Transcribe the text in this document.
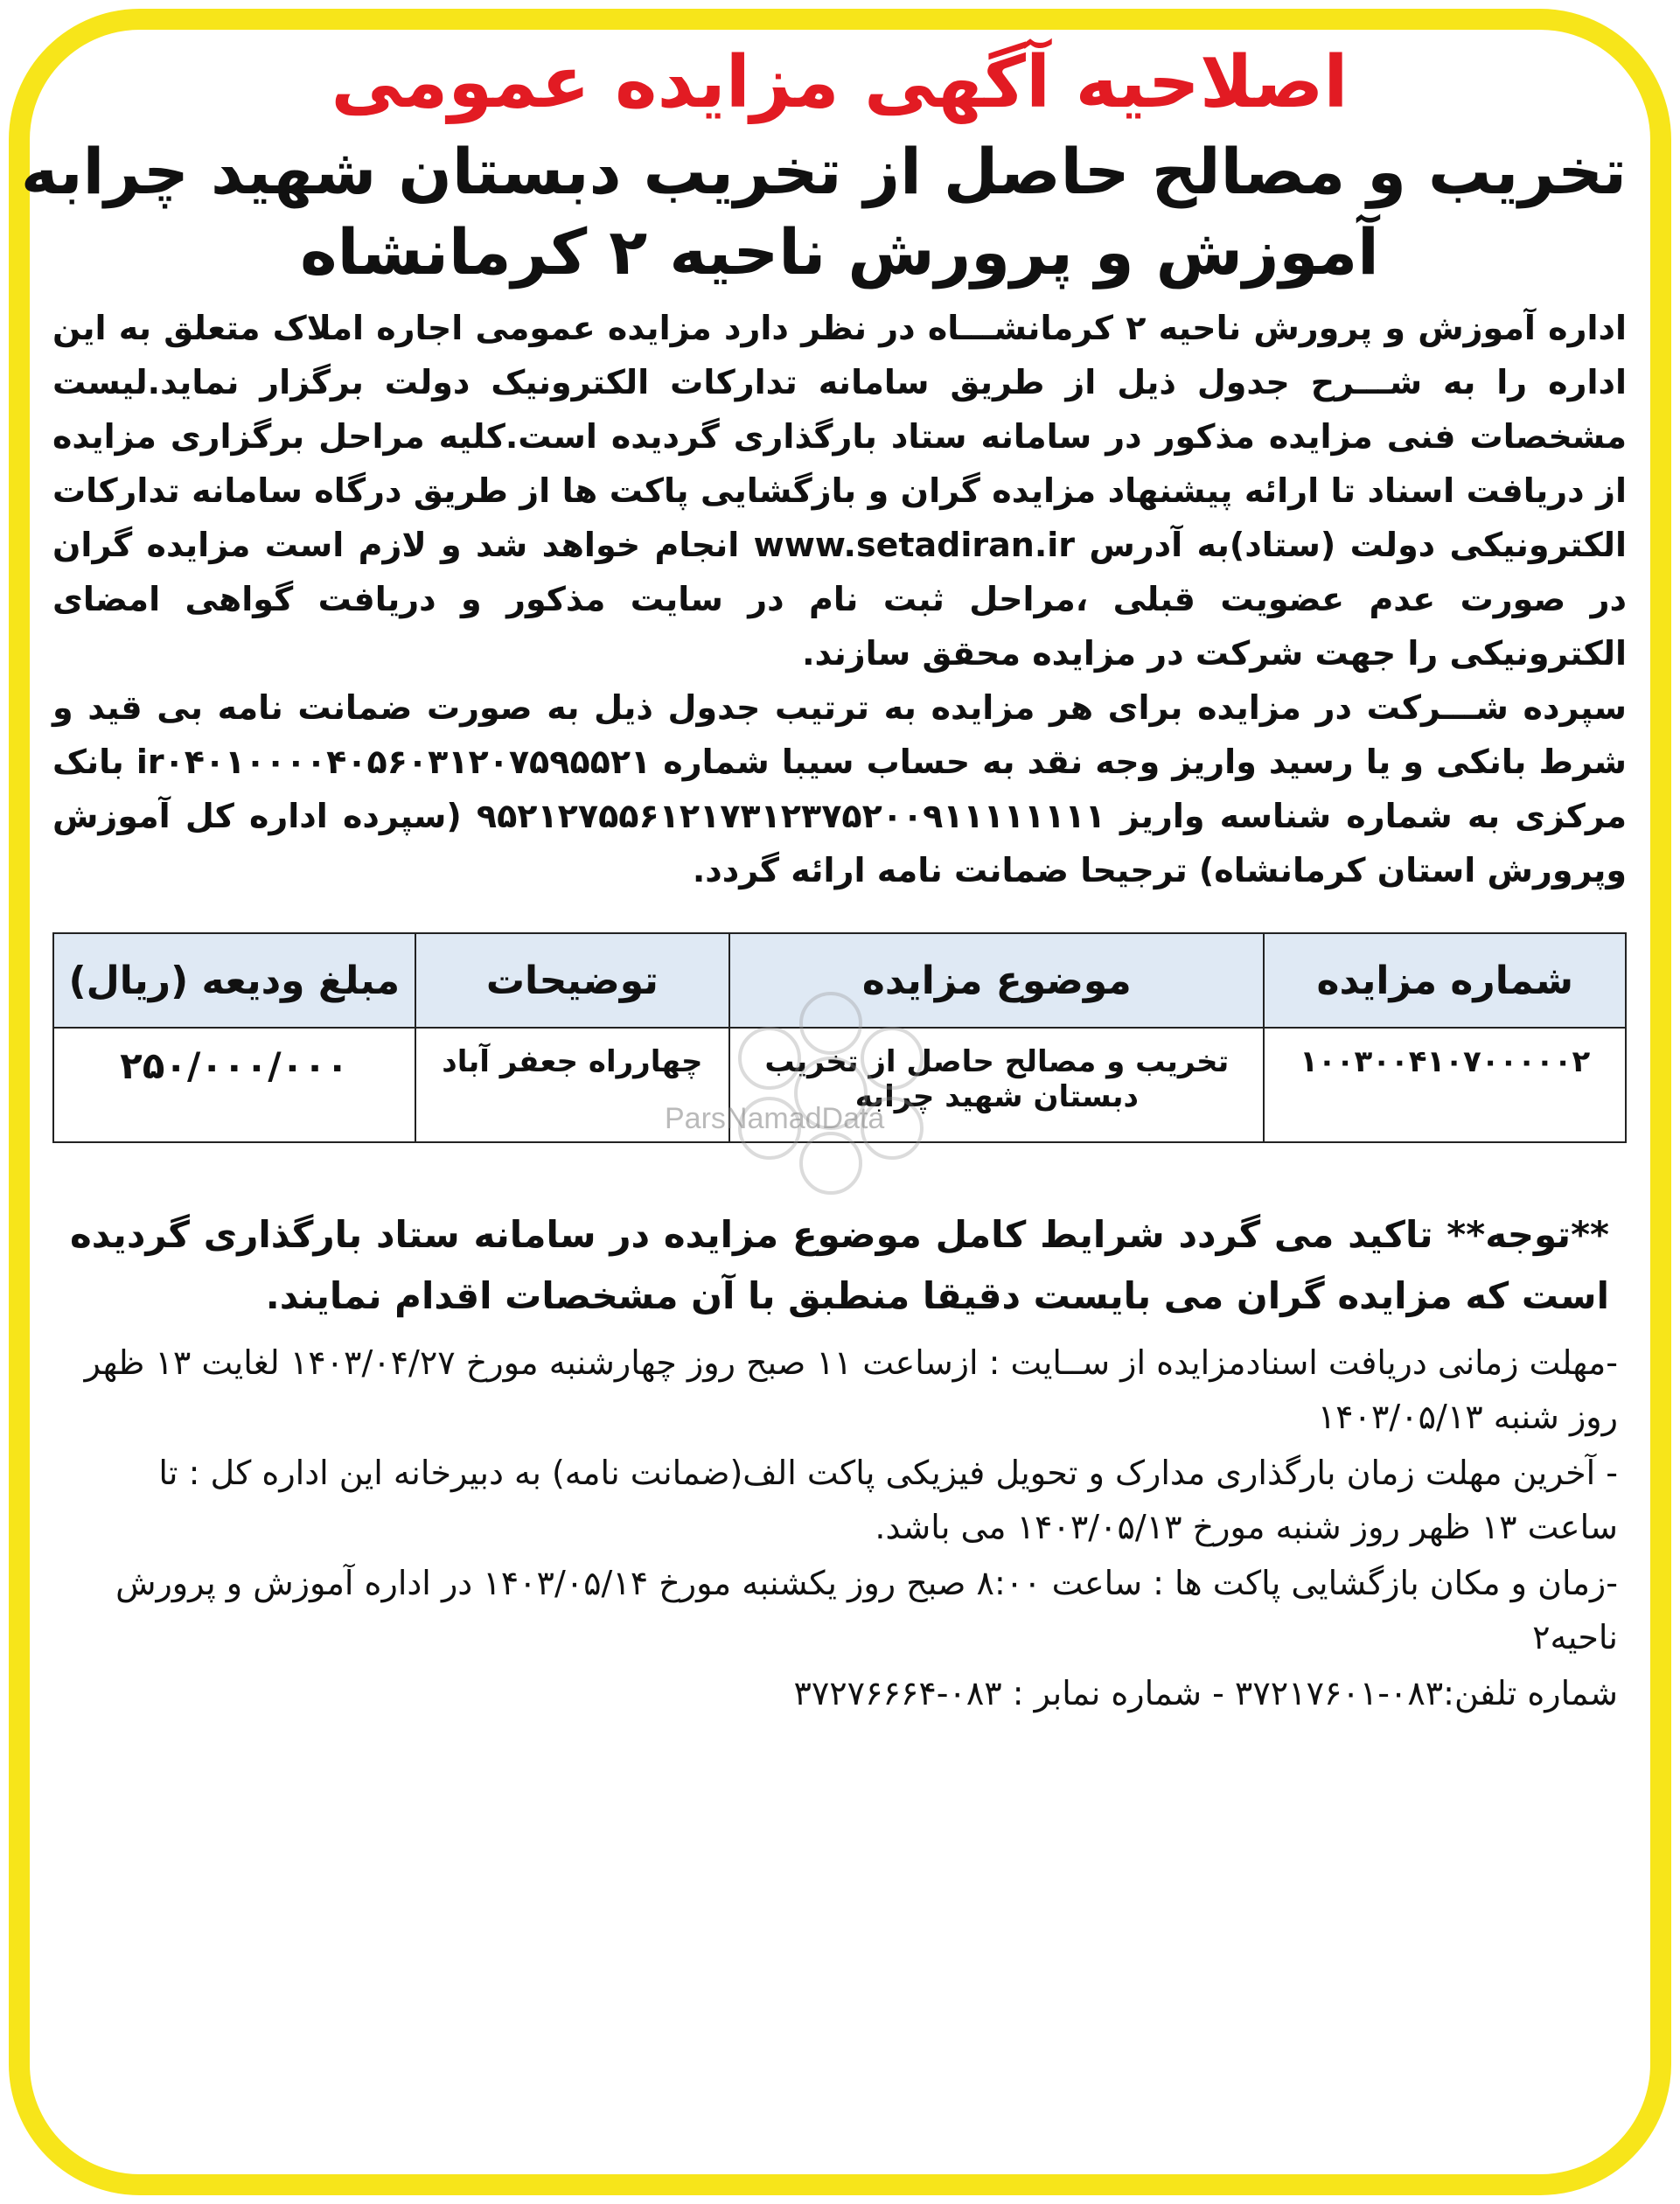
اصلاحیه آگهی مزایده عمومی
تخریب و مصالح حاصل از تخریب دبستان شهید چرابه
آموزش و پرورش ناحیه ۲ کرمانشاه

اداره آموزش و پرورش ناحیه ۲ کرمانشـــاه در نظر دارد مزایده عمومی اجاره املاک متعلق به این اداره را به شـــرح جدول ذیل از طریق سامانه تدارکات الکترونیک دولت برگزار نماید.لیست مشخصات فنی مزایده مذکور در سامانه ستاد بارگذاری گردیده است.کلیه مراحل برگزاری مزایده از دریافت اسناد تا ارائه پیشنهاد مزایده گران و بازگشایی پاکت ها از طریق درگاه سامانه تدارکات الکترونیکی دولت (ستاد)به آدرس www.setadiran.ir انجام خواهد شد و لازم است مزایده گران در صورت عدم عضویت قبلی ،مراحل ثبت نام در سایت مذکور و دریافت گواهی امضای الکترونیکی را جهت شرکت در مزایده محقق سازند.

سپرده شـــرکت در مزایده برای هر مزایده به ترتیب جدول ذیل به صورت ضمانت نامه بی قید و شرط بانکی و یا رسید واریز وجه نقد به حساب سیبا شماره ir۰۴۰۱۰۰۰۰۴۰۵۶۰۳۱۲۰۷۵۹۵۵۲۱ بانک مرکزی به شماره شناسه واریز ۹۵۲۱۲۷۵۵۶۱۲۱۷۳۱۲۳۷۵۲۰۰۹۱۱۱۱۱۱۱۱ (سپرده اداره کل آموزش وپرورش استان کرمانشاه) ترجیحا ضمانت نامه ارائه گردد.

شماره مزایده	موضوع مزایده	توضیحات	مبلغ ودیعه (ریال)
۱۰۰۳۰۰۴۱۰۷۰۰۰۰۰۲	تخریب و مصالح حاصل از تخریب دبستان شهید چرابه	چهارراه جعفر آباد	۲۵۰/۰۰۰/۰۰۰

**توجه** تاکید می گردد شرایط کامل موضوع مزایده در سامانه ستاد بارگذاری گردیده است که مزایده گران می بایست دقیقا منطبق با آن مشخصات اقدام نمایند.

-مهلت زمانی دریافت اسنادمزایده از ســایت : ازساعت ۱۱ صبح روز چهارشنبه مورخ ۱۴۰۳/۰۴/۲۷ لغایت ۱۳ ظهر روز شنبه ۱۴۰۳/۰۵/۱۳

- آخرین مهلت زمان بارگذاری مدارک و تحویل فیزیکی پاکت الف(ضمانت نامه) به دبیرخانه این اداره کل : تا ساعت ۱۳ ظهر روز شنبه مورخ ۱۴۰۳/۰۵/۱۳ می باشد.

-زمان و مکان بازگشایی پاکت ها : ساعت ۸:۰۰ صبح روز یکشنبه مورخ ۱۴۰۳/۰۵/۱۴ در اداره آموزش و پرورش ناحیه۲

شماره تلفن:۰۸۳-۳۷۲۱۷۶۰۱ - شماره نمابر : ۰۸۳-۳۷۲۷۶۶۶۴

ParsNamadData
